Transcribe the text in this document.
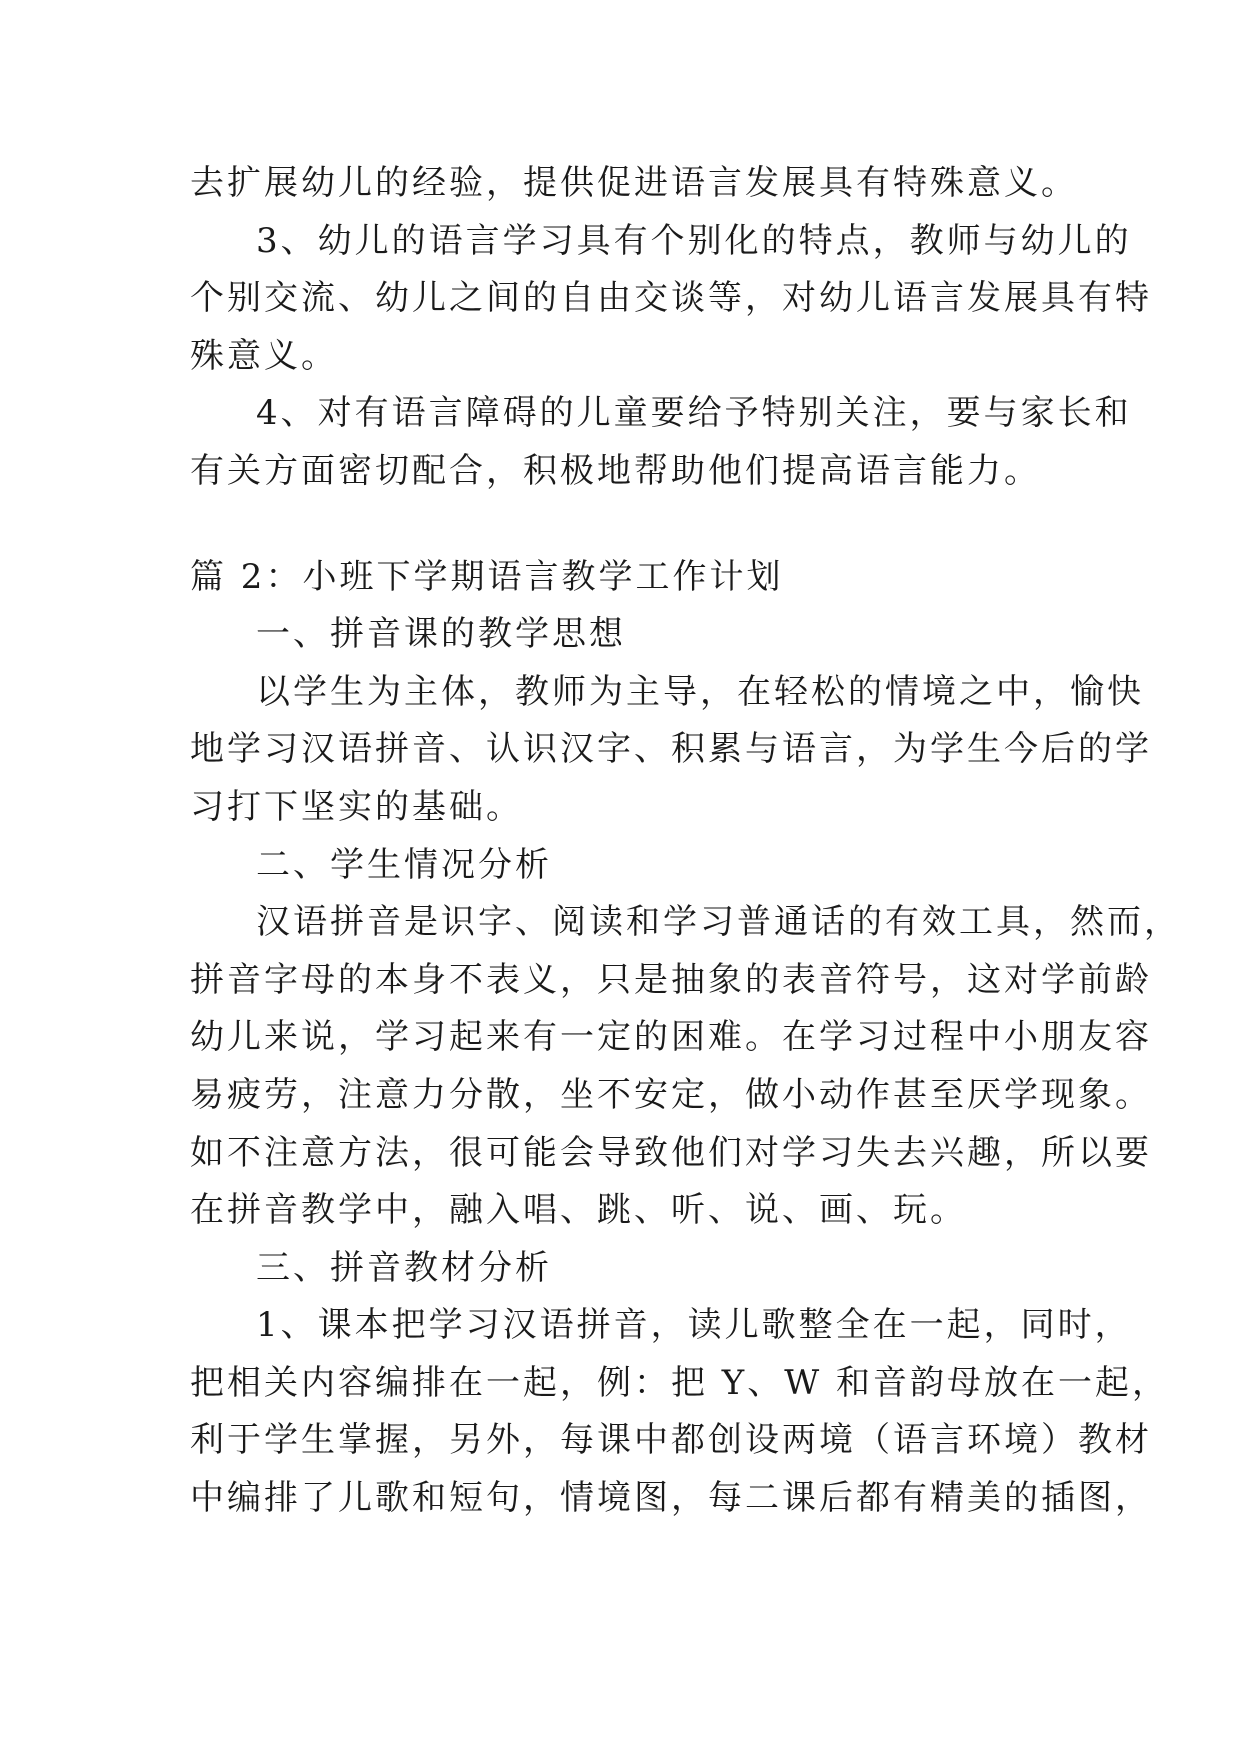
去扩展幼儿的经验，提供促进语言发展具有特殊意义。
3、幼儿的语言学习具有个别化的特点，教师与幼儿的
个别交流、幼儿之间的自由交谈等，对幼儿语言发展具有特
殊意义。
4、对有语言障碍的儿童要给予特别关注，要与家长和
有关方面密切配合，积极地帮助他们提高语言能力。
篇 2：小班下学期语言教学工作计划
一、拼音课的教学思想
以学生为主体，教师为主导，在轻松的情境之中，愉快
地学习汉语拼音、认识汉字、积累与语言，为学生今后的学
习打下坚实的基础。
二、学生情况分析
汉语拼音是识字、阅读和学习普通话的有效工具，然而，
拼音字母的本身不表义，只是抽象的表音符号，这对学前龄
幼儿来说，学习起来有一定的困难。在学习过程中小朋友容
易疲劳，注意力分散，坐不安定，做小动作甚至厌学现象。
如不注意方法，很可能会导致他们对学习失去兴趣，所以要
在拼音教学中，融入唱、跳、听、说、画、玩。
三、拼音教材分析
1、课本把学习汉语拼音，读儿歌整全在一起，同时，
把相关内容编排在一起，例：把 Y、W 和音韵母放在一起，
利于学生掌握，另外，每课中都创设两境（语言环境）教材
中编排了儿歌和短句，情境图，每二课后都有精美的插图，
